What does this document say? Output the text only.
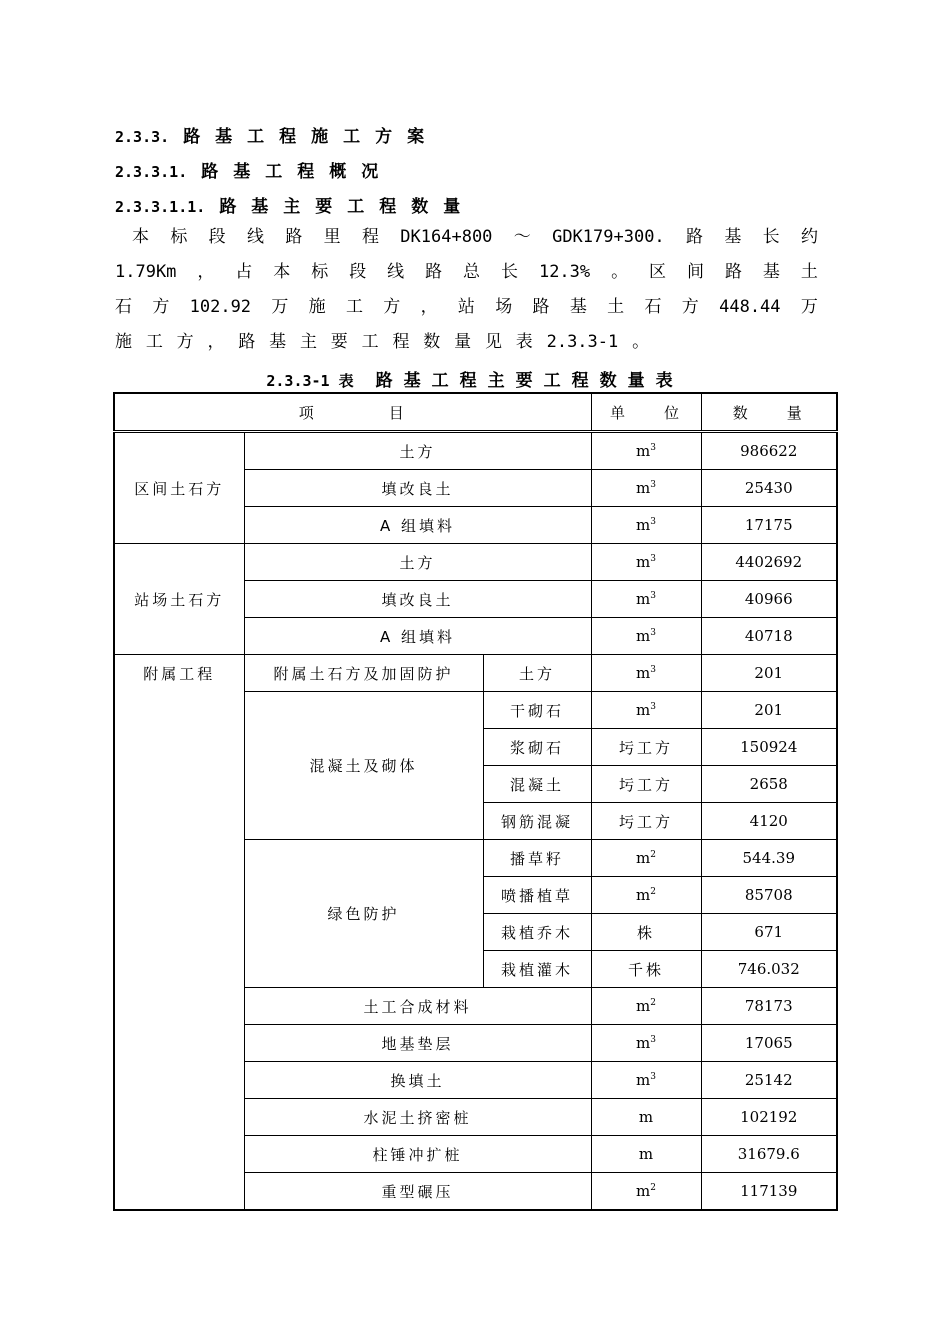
2.3.3. 路基工程施工方案
2.3.3.1. 路基工程概况
2.3.3.1.1. 路基主要工程数量
　本 标 段 线 路 里 程 DK164+800 ～ GDK179+300. 路 基 长 约
1.79Km ， 占 本 标 段 线 路 总 长 12.3% 。 区 间 路 基 土
石 方 102.92 万 施 工 方 ， 站 场 路 基 土 石 方 448.44 万
施 工 方 ， 路 基 主 要 工 程 数 量 见 表 2.3.3-1 。
2.3.3-1 表 路基工程主要工程数量表
项　　　　目			单　　位	数　　量
区间土石方	土方		$m^3$	986622
	填改良土		$m^3$	25430
	A 组填料		$m^3$	17175
站场土石方	土方		$m^3$	4402692
	填改良土		$m^3$	40966
	A 组填料		$m^3$	40718
附属工程	附属土石方及加固防护	土方	$m^3$	201
	混凝土及砌体	干砌石	$m^3$	201
		浆砌石	圬工方	150924
		混凝土	圬工方	2658
		钢筋混凝	圬工方	4120
	绿色防护	播草籽	$m^2$	544.39
		喷播植草	$m^2$	85708
		栽植乔木	株	671
		栽植灌木	千株	746.032
	土工合成材料		$m^2$	78173
	地基垫层		$m^3$	17065
	换填土		$m^3$	25142
	水泥土挤密桩		m	102192
	柱锤冲扩桩		m	31679.6
	重型碾压		$m^2$	117139
